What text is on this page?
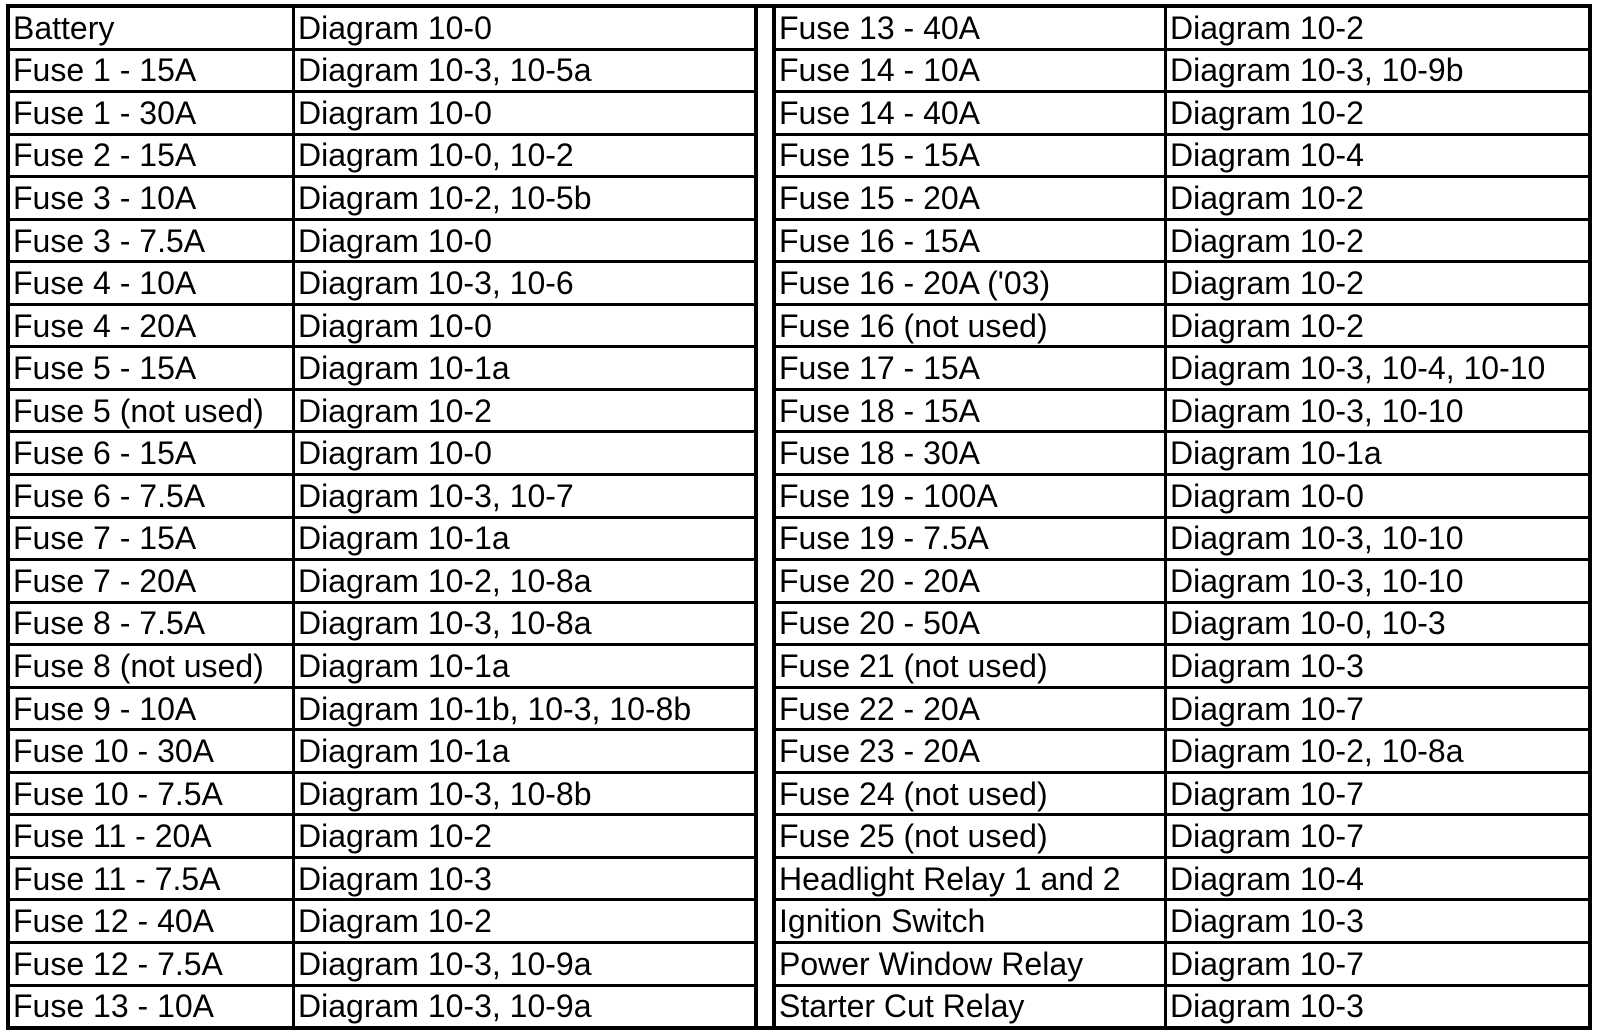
Battery	Diagram 10-0
Fuse 1 - 15A	Diagram 10-3, 10-5a
Fuse 1 - 30A	Diagram 10-0
Fuse 2 - 15A	Diagram 10-0, 10-2
Fuse 3 - 10A	Diagram 10-2, 10-5b
Fuse 3 - 7.5A	Diagram 10-0
Fuse 4 - 10A	Diagram 10-3, 10-6
Fuse 4 - 20A	Diagram 10-0
Fuse 5 - 15A	Diagram 10-1a
Fuse 5 (not used)	Diagram 10-2
Fuse 6 - 15A	Diagram 10-0
Fuse 6 - 7.5A	Diagram 10-3, 10-7
Fuse 7 - 15A	Diagram 10-1a
Fuse 7 - 20A	Diagram 10-2, 10-8a
Fuse 8 - 7.5A	Diagram 10-3, 10-8a
Fuse 8 (not used)	Diagram 10-1a
Fuse 9 - 10A	Diagram 10-1b, 10-3, 10-8b
Fuse 10 - 30A	Diagram 10-1a
Fuse 10 - 7.5A	Diagram 10-3, 10-8b
Fuse 11 - 20A	Diagram 10-2
Fuse 11 - 7.5A	Diagram 10-3
Fuse 12 - 40A	Diagram 10-2
Fuse 12 - 7.5A	Diagram 10-3, 10-9a
Fuse 13 - 10A	Diagram 10-3, 10-9a
Fuse 13 - 40A	Diagram 10-2
Fuse 14 - 10A	Diagram 10-3, 10-9b
Fuse 14 - 40A	Diagram 10-2
Fuse 15 - 15A	Diagram 10-4
Fuse 15 - 20A	Diagram 10-2
Fuse 16 - 15A	Diagram 10-2
Fuse 16 - 20A ('03)	Diagram 10-2
Fuse 16 (not used)	Diagram 10-2
Fuse 17 - 15A	Diagram 10-3, 10-4, 10-10
Fuse 18 - 15A	Diagram 10-3, 10-10
Fuse 18 - 30A	Diagram 10-1a
Fuse 19 - 100A	Diagram 10-0
Fuse 19 - 7.5A	Diagram 10-3, 10-10
Fuse 20 - 20A	Diagram 10-3, 10-10
Fuse 20 - 50A	Diagram 10-0, 10-3
Fuse 21 (not used)	Diagram 10-3
Fuse 22 - 20A	Diagram 10-7
Fuse 23 - 20A	Diagram 10-2, 10-8a
Fuse 24 (not used)	Diagram 10-7
Fuse 25 (not used)	Diagram 10-7
Headlight Relay 1 and 2	Diagram 10-4
Ignition Switch	Diagram 10-3
Power Window Relay	Diagram 10-7
Starter Cut Relay	Diagram 10-3
